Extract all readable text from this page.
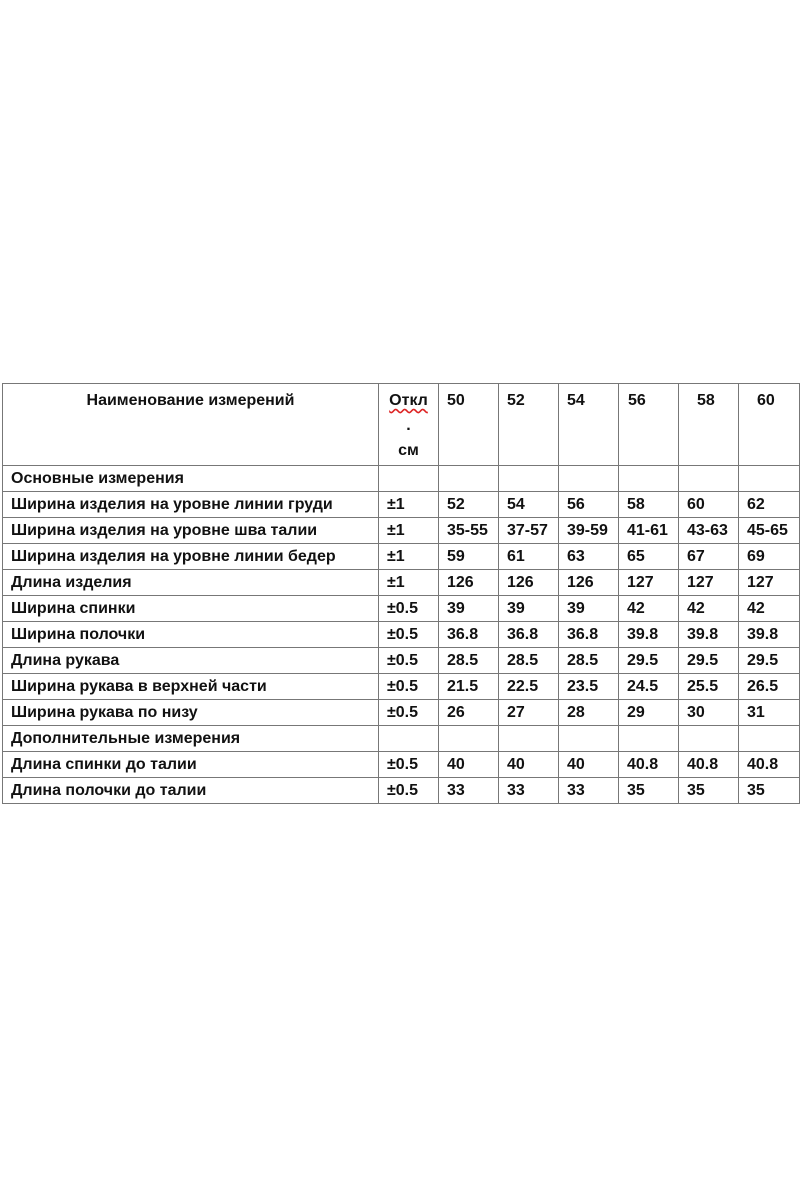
Наименование измерений	Откл
.
см	50	52	54	56	58	60
Основные измерения							
Ширина изделия на уровне линии груди	±1	52	54	56	58	60	62
Ширина изделия на уровне шва талии	±1	35-55	37-57	39-59	41-61	43-63	45-65
Ширина изделия на уровне линии бедер	±1	59	61	63	65	67	69
Длина изделия	±1	126	126	126	127	127	127
Ширина спинки	±0.5	39	39	39	42	42	42
Ширина полочки	±0.5	36.8	36.8	36.8	39.8	39.8	39.8
Длина рукава	±0.5	28.5	28.5	28.5	29.5	29.5	29.5
Ширина рукава в верхней части	±0.5	21.5	22.5	23.5	24.5	25.5	26.5
Ширина рукава по низу	±0.5	26	27	28	29	30	31
Дополнительные измерения							
Длина спинки до талии	±0.5	40	40	40	40.8	40.8	40.8
Длина полочки до талии	±0.5	33	33	33	35	35	35
